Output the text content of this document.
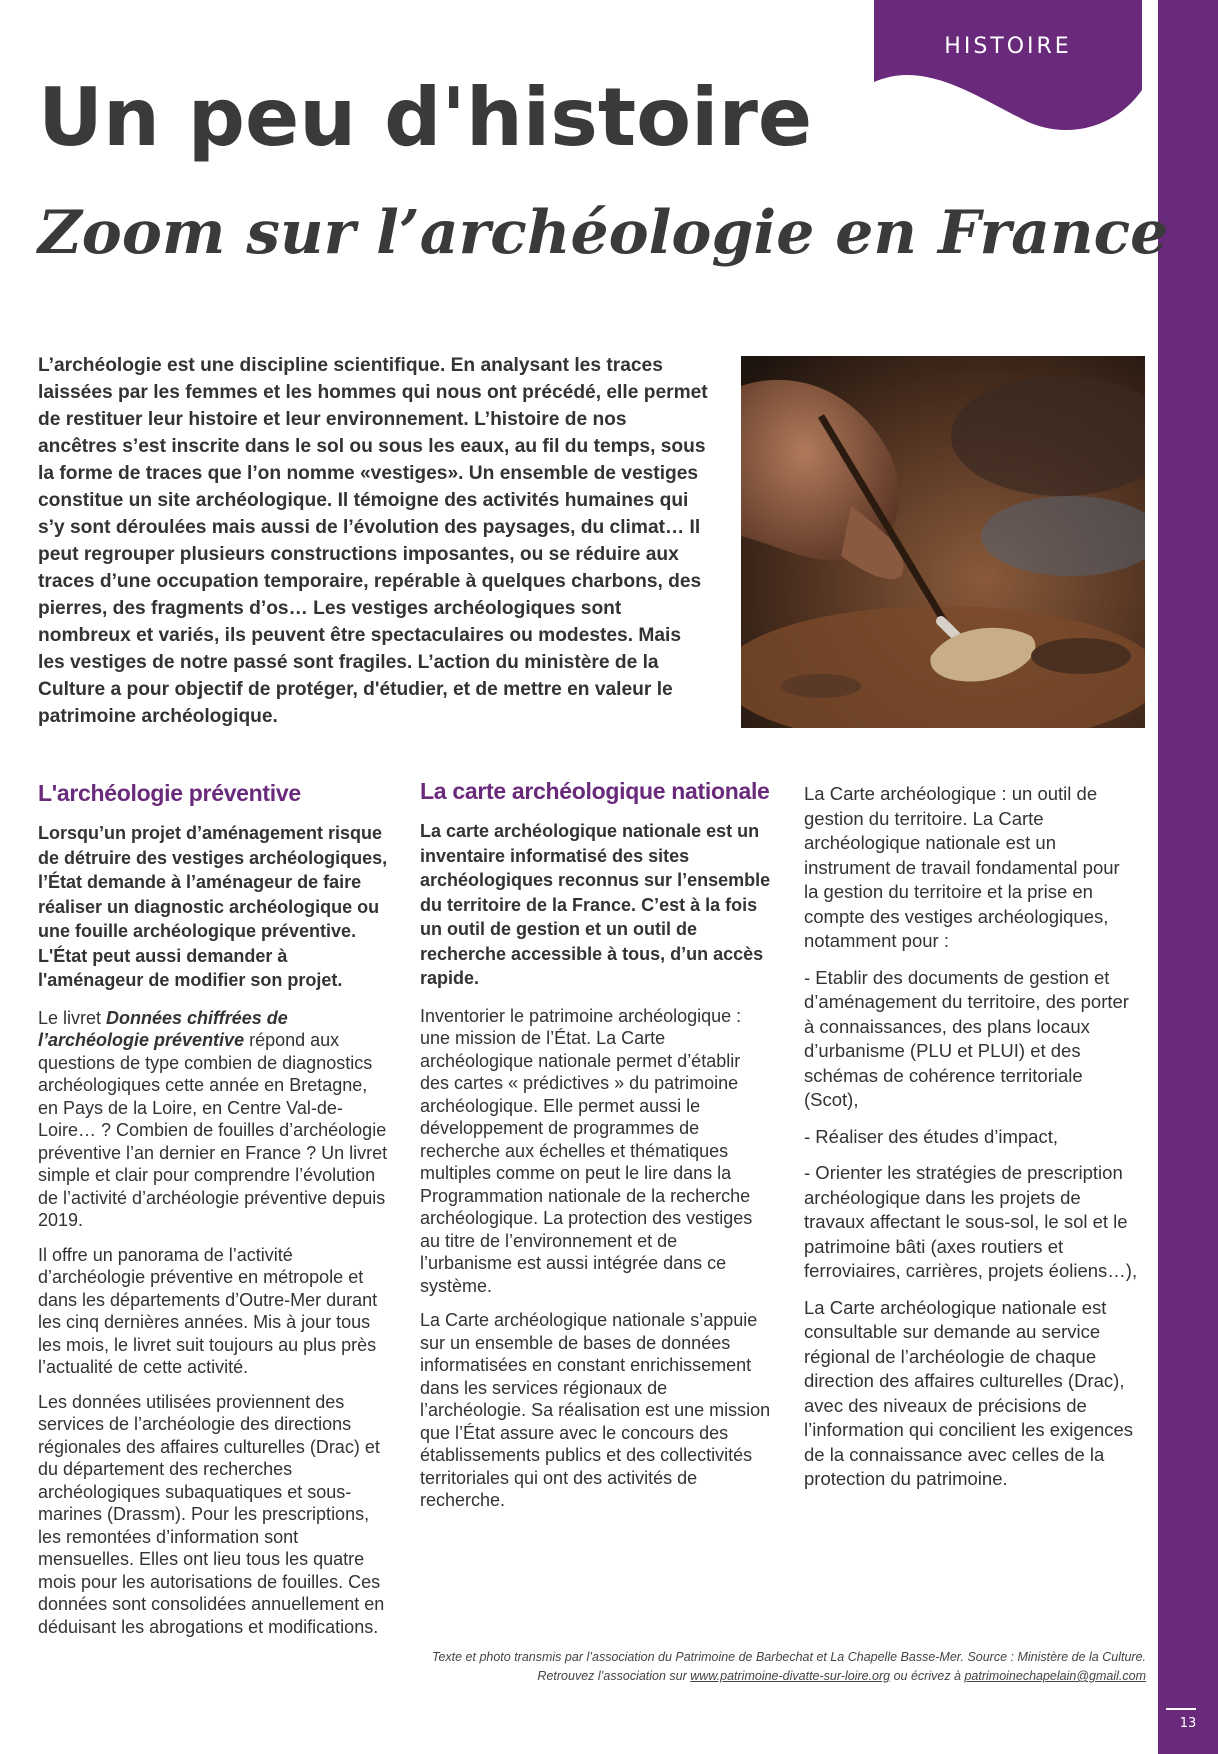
13
HISTOIRE
Un peu d'histoire
Zoom sur l’archéologie en France

L’archéologie est une discipline scientifique. En analysant les traces laissées par les femmes et les hommes qui nous ont précédé, elle permet de restituer leur histoire et leur environnement. L’histoire de nos ancêtres s’est inscrite dans le sol ou sous les eaux, au fil du temps, sous la forme de traces que l’on nomme «vestiges». Un ensemble de vestiges constitue un site archéologique. Il témoigne des activités humaines qui s’y sont déroulées mais aussi de l’évolution des paysages, du climat… Il peut regrouper plusieurs constructions imposantes, ou se réduire aux traces d’une occupation temporaire, repérable à quelques charbons, des pierres, des fragments d’os… Les vestiges archéologiques sont nombreux et variés, ils peuvent être spectaculaires ou modestes. Mais les vestiges de notre passé sont fragiles. L’action du ministère de la Culture a pour objectif de protéger, d'étudier, et de mettre en valeur le patrimoine archéologique.

L'archéologie préventive

Lorsqu’un projet d’aménagement risque de détruire des vestiges archéologiques, l’État demande à l’aménageur de faire réaliser un diagnostic archéologique ou une fouille archéologique préventive. L'État peut aussi demander à l'aménageur de modifier son projet.

Le livret Données chiffrées de l’archéologie préventive répond aux questions de type combien de diagnostics archéologiques cette année en Bretagne, en Pays de la Loire, en Centre Val-de-Loire… ? Combien de fouilles d’archéologie préventive l’an dernier en France ? Un livret simple et clair pour comprendre l’évolution de l’activité d’archéologie préventive depuis 2019.

Il offre un panorama de l’activité d’archéologie préventive en métropole et dans les départements d’Outre-Mer durant les cinq dernières années. Mis à jour tous les mois, le livret suit toujours au plus près l’actualité de cette activité.

Les données utilisées proviennent des services de l’archéologie des directions régionales des affaires culturelles (Drac) et du département des recherches archéologiques subaquatiques et sous-marines (Drassm). Pour les prescriptions, les remontées d’information sont mensuelles. Elles ont lieu tous les quatre mois pour les autorisations de fouilles. Ces données sont consolidées annuellement en déduisant les abrogations et modifications.

La carte archéologique nationale

La carte archéologique nationale est un inventaire informatisé des sites archéologiques reconnus sur l’ensemble du territoire de la France. C’est à la fois un outil de gestion et un outil de recherche accessible à tous, d’un accès rapide.

Inventorier le patrimoine archéologique : une mission de l’État. La Carte archéologique nationale permet d’établir des cartes « prédictives » du patrimoine archéologique. Elle permet aussi le développement de programmes de recherche aux échelles et thématiques multiples comme on peut le lire dans la Programmation nationale de la recherche archéologique. La protection des vestiges au titre de l’environnement et de l’urbanisme est aussi intégrée dans ce système.

La Carte archéologique nationale s’appuie sur un ensemble de bases de données informatisées en constant enrichissement dans les services régionaux de l’archéologie. Sa réalisation est une mission que l’État assure avec le concours des établissements publics et des collectivités territoriales qui ont des activités de recherche.

La Carte archéologique : un outil de gestion du territoire. La Carte archéologique nationale est un instrument de travail fondamental pour la gestion du territoire et la prise en compte des vestiges archéologiques, notamment pour :

- Etablir des documents de gestion et d’aménagement du territoire, des porter à connaissances, des plans locaux d’urbanisme (PLU et PLUI) et des schémas de cohérence territoriale (Scot),

- Réaliser des études d’impact,

- Orienter les stratégies de prescription archéologique dans les projets de travaux affectant le sous-sol, le sol et le patrimoine bâti (axes routiers et ferroviaires, carrières, projets éoliens…),

La Carte archéologique nationale est consultable sur demande au service régional de l’archéologie de chaque direction des affaires culturelles (Drac), avec des niveaux de précisions de l’information qui concilient les exigences de la connaissance avec celles de la protection du patrimoine.

Texte et photo transmis par l’association du Patrimoine de Barbechat et La Chapelle Basse-Mer. Source : Ministère de la Culture.
Retrouvez l’association sur www.patrimoine-divatte-sur-loire.org ou écrivez à patrimoinechapelain@gmail.com
